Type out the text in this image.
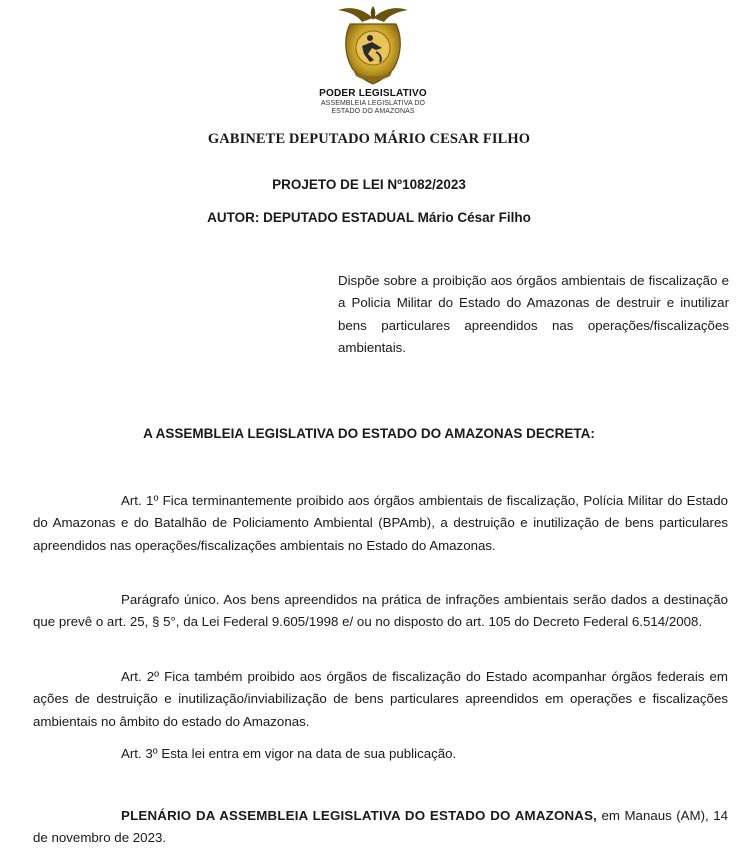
PODER LEGISLATIVO
ASSEMBLEIA LEGISLATIVA DO
ESTADO DO AMAZONAS
GABINETE DEPUTADO MÁRIO CESAR FILHO
PROJETO DE LEI Nº1082/2023
AUTOR: DEPUTADO ESTADUAL Mário César Filho
Dispõe sobre a proibição aos órgãos ambientais de fiscalização e a Policia Militar do Estado do Amazonas de destruir e inutilizar bens particulares apreendidos nas operações/fiscalizações ambientais.
A ASSEMBLEIA LEGISLATIVA DO ESTADO DO AMAZONAS DECRETA:

Art. 1º Fica terminantemente proibido aos órgãos ambientais de fiscalização, Polícia Militar do Estado do Amazonas e do Batalhão de Policiamento Ambiental (BPAmb), a destruição e inutilização de bens particulares apreendidos nas operações/fiscalizações ambientais no Estado do Amazonas.

Parágrafo único. Aos bens apreendidos na prática de infrações ambientais serão dados a destinação que prevê o art. 25, § 5°, da Lei Federal 9.605/1998 e/ ou no disposto do art. 105 do Decreto Federal 6.514/2008.

Art. 2º Fica também proibido aos órgãos de fiscalização do Estado acompanhar órgãos federais em ações de destruição e inutilização/inviabilização de bens particulares apreendidos em operações e fiscalizações ambientais no âmbito do estado do Amazonas.

Art. 3º Esta lei entra em vigor na data de sua publicação.

PLENÁRIO DA ASSEMBLEIA LEGISLATIVA DO ESTADO DO AMAZONAS, em Manaus (AM), 14 de novembro de 2023.
